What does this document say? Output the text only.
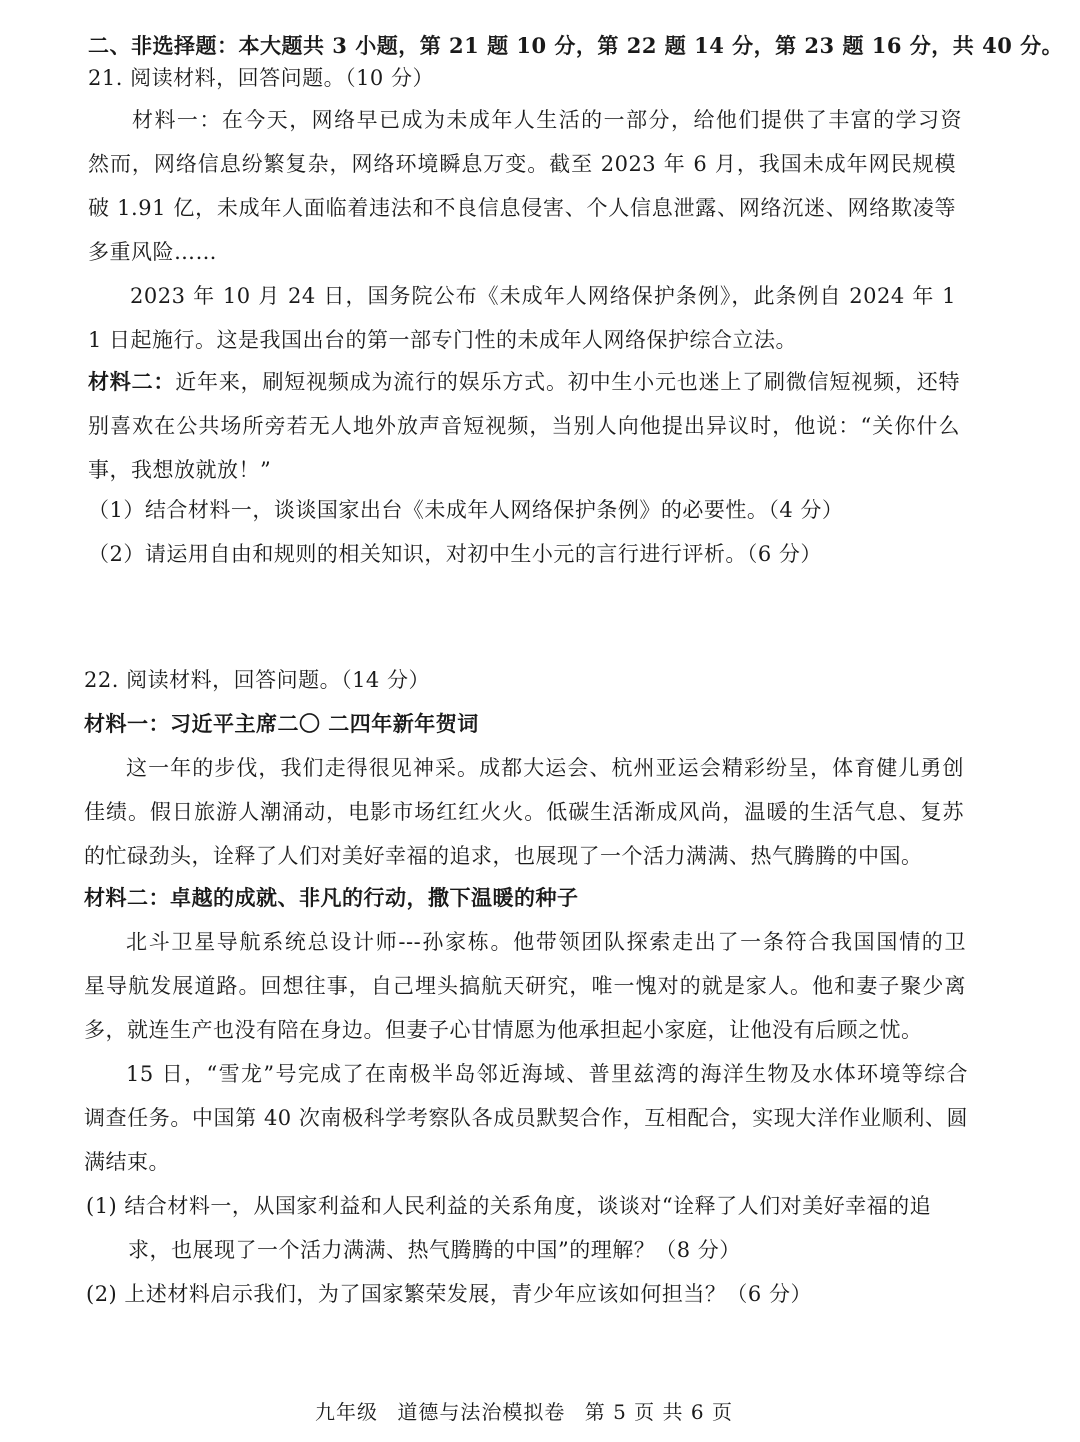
二、非选择题：本大题共 3 小题，第 21 题 10 分，第 22 题 14 分，第 23 题 16 分，共 40 分。
21. 阅读材料，回答问题。（10 分）
材料一：在今天，网络早已成为未成年人生活的一部分，给他们提供了丰富的学习资
然而，网络信息纷繁复杂，网络环境瞬息万变。截至 2023 年 6 月，我国未成年网民规模
破 1.91 亿，未成年人面临着违法和不良信息侵害、个人信息泄露、网络沉迷、网络欺凌等
多重风险……
2023 年 10 月 24 日，国务院公布《未成年人网络保护条例》，此条例自 2024 年 1
1 日起施行。这是我国出台的第一部专门性的未成年人网络保护综合立法。
材料二：近年来，刷短视频成为流行的娱乐方式。初中生小元也迷上了刷微信短视频，还特
别喜欢在公共场所旁若无人地外放声音短视频，当别人向他提出异议时，他说：“关你什么
事，我想放就放！”
（1）结合材料一，谈谈国家出台《未成年人网络保护条例》的必要性。（4 分）
（2）请运用自由和规则的相关知识，对初中生小元的言行进行评析。（6 分）
22. 阅读材料，回答问题。（14 分）
材料一：习近平主席二〇 二四年新年贺词
这一年的步伐，我们走得很见神采。成都大运会、杭州亚运会精彩纷呈，体育健儿勇创
佳绩。假日旅游人潮涌动，电影市场红红火火。低碳生活渐成风尚，温暖的生活气息、复苏
的忙碌劲头，诠释了人们对美好幸福的追求，也展现了一个活力满满、热气腾腾的中国。
材料二：卓越的成就、非凡的行动，撒下温暖的种子
北斗卫星导航系统总设计师---孙家栋。他带领团队探索走出了一条符合我国国情的卫
星导航发展道路。回想往事，自己埋头搞航天研究，唯一愧对的就是家人。他和妻子聚少离
多，就连生产也没有陪在身边。但妻子心甘情愿为他承担起小家庭，让他没有后顾之忧。
15 日，“雪龙”号完成了在南极半岛邻近海域、普里兹湾的海洋生物及水体环境等综合
调查任务。中国第 40 次南极科学考察队各成员默契合作，互相配合，实现大洋作业顺利、圆
满结束。
(1) 结合材料一，从国家利益和人民利益的关系角度，谈谈对“诠释了人们对美好幸福的追
求，也展现了一个活力满满、热气腾腾的中国”的理解？（8 分）
(2) 上述材料启示我们，为了国家繁荣发展，青少年应该如何担当？（6 分）
九年级 道德与法治模拟卷 第 5 页 共 6 页
